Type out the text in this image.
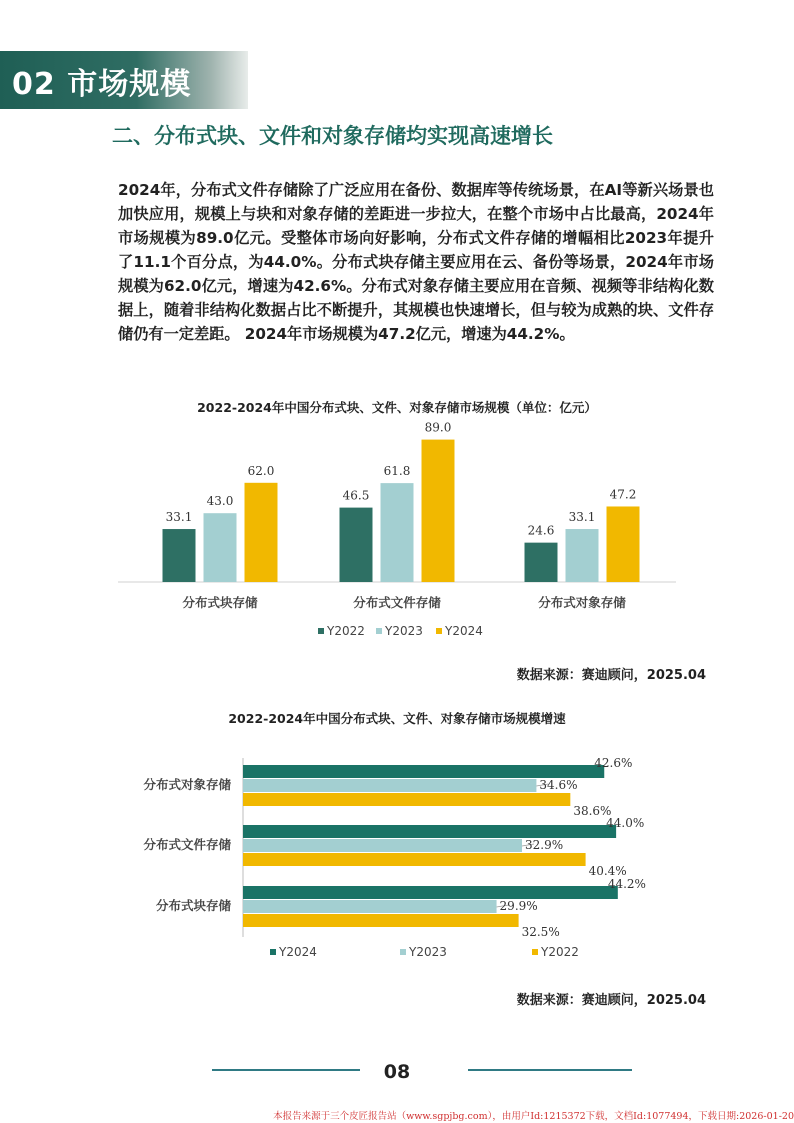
02 市场规模
二、分布式块、文件和对象存储均实现高速增长
2024年，分布式文件存储除了广泛应用在备份、数据库等传统场景，在AI等新兴场景也加快应用，规模上与块和对象存储的差距进一步拉大，在整个市场中占比最高，2024年市场规模为89.0亿元。受整体市场向好影响，分布式文件存储的增幅相比2023年提升了11.1个百分点，为44.0%。分布式块存储主要应用在云、备份等场景，2024年市场规模为62.0亿元，增速为42.6%。分布式对象存储主要应用在音频、视频等非结构化数据上，随着非结构化数据占比不断提升，其规模也快速增长，但与较为成熟的块、文件存储仍有一定差距。 2024年市场规模为47.2亿元，增速为44.2%。
2022-2024年中国分布式块、文件、对象存储市场规模（单位：亿元）
33.1
43.0
62.0
分布式块存储
46.5
61.8
89.0
分布式文件存储
24.6
33.1
47.2
分布式对象存储
Y2022 Y2023 Y2024
数据来源：赛迪顾问，2025.04
2022-2024年中国分布式块、文件、对象存储市场规模增速
42.6%
34.6%
38.6%
分布式对象存储
44.0%
32.9%
40.4%
分布式文件存储
44.2%
29.9%
32.5%
分布式块存储
Y2024	Y2023	Y2022
数据来源：赛迪顾问，2025.04
08
本报告来源于三个皮匠报告站（www.sgpjbg.com），由用户Id:1215372下载，文档Id:1077494，下载日期:2026-01-20
